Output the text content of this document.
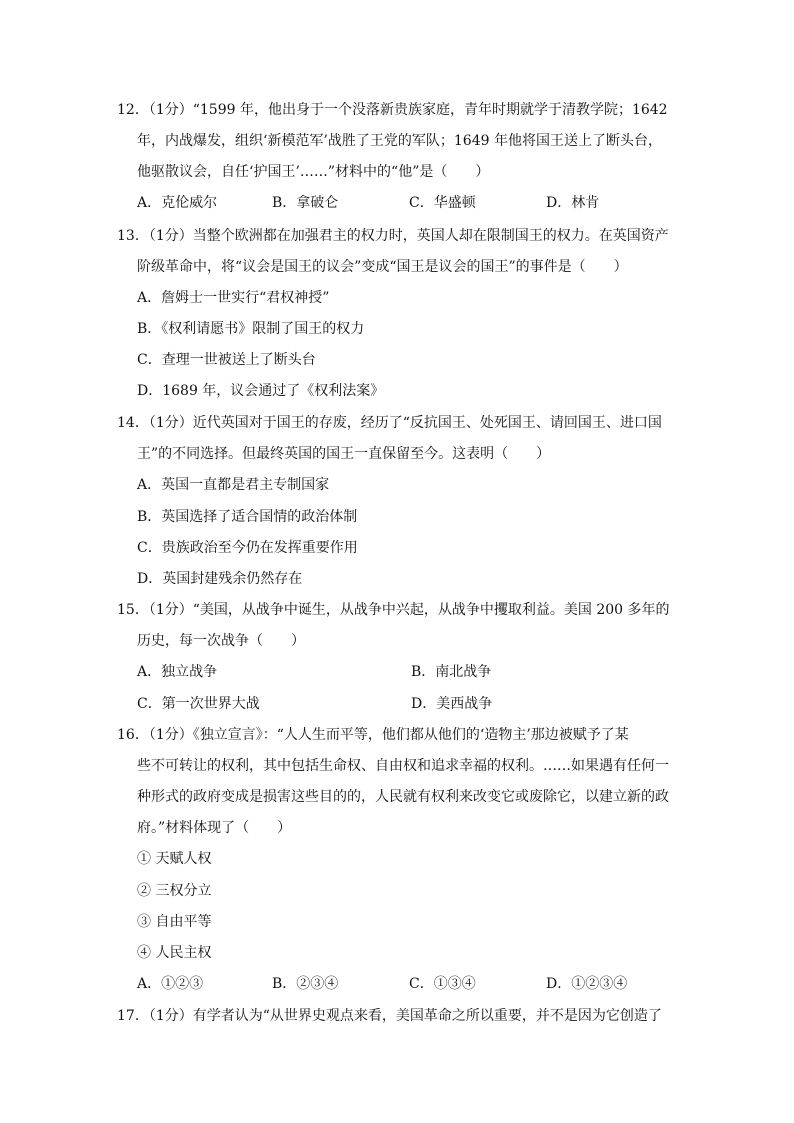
12．（1分）“1599 年，他出身于一个没落新贵族家庭，青年时期就学于清教学院；1642
年，内战爆发，组织‘新模范军’战胜了王党的军队；1649 年他将国王送上了断头台，
他驱散议会，自任‘护国王’……”材料中的“他”是（　　）
A．克伦威尔	B．拿破仑	C．华盛顿	D．林肯
13．（1分）当整个欧洲都在加强君主的权力时，英国人却在限制国王的权力。在英国资产
阶级革命中，将“议会是国王的议会”变成“国王是议会的国王”的事件是（　　）
A．詹姆士一世实行“君权神授”
B．《权利请愿书》限制了国王的权力
C．查理一世被送上了断头台
D．1689 年，议会通过了《权利法案》
14．（1分）近代英国对于国王的存废，经历了“反抗国王、处死国王、请回国王、进口国
王”的不同选择。但最终英国的国王一直保留至今。这表明（　　）
A．英国一直都是君主专制国家
B．英国选择了适合国情的政治体制
C．贵族政治至今仍在发挥重要作用
D．英国封建残余仍然存在
15．（1分）“美国，从战争中诞生，从战争中兴起，从战争中攫取利益。美国 200 多年的
历史，每一次战争（　　）
A．独立战争	B．南北战争
C．第一次世界大战	D．美西战争
16．（1分）《独立宣言》：“人人生而平等，他们都从他们的‘造物主’那边被赋予了某
些不可转让的权利，其中包括生命权、自由权和追求幸福的权利。……如果遇有任何一
种形式的政府变成是损害这些目的的，人民就有权利来改变它或废除它，以建立新的政
府。”材料体现了（　　）
① 天赋人权
② 三权分立
③ 自由平等
④ 人民主权
A．①②③	B．②③④	C．①③④	D．①②③④
17．（1分）有学者认为“从世界史观点来看，美国革命之所以重要，并不是因为它创造了
